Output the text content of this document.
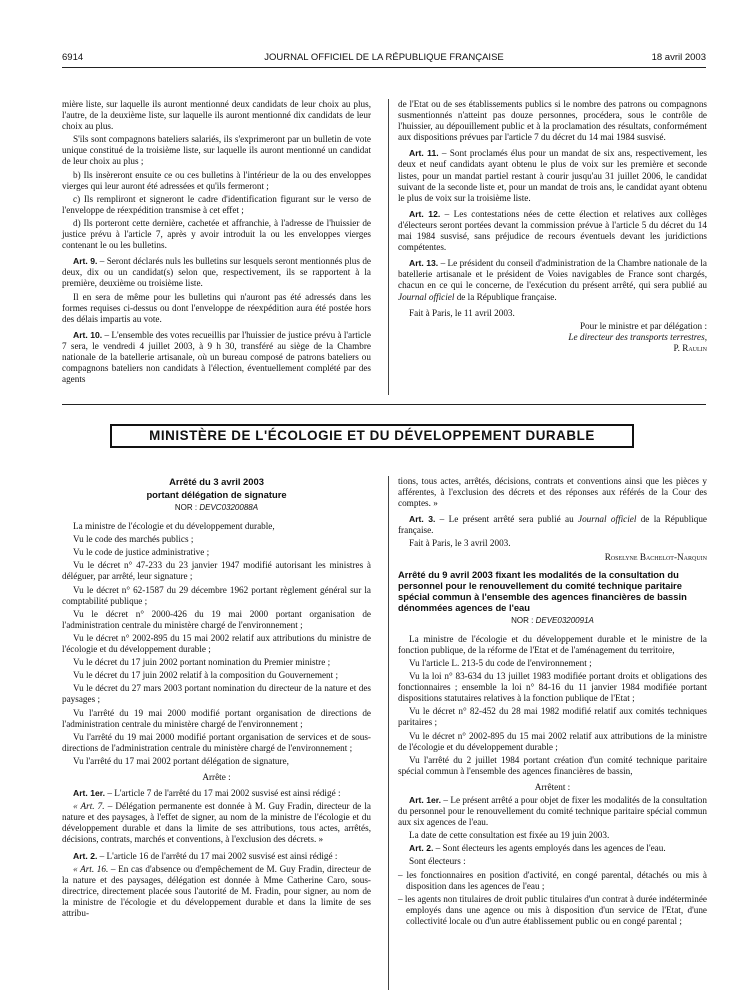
6914	JOURNAL OFFICIEL DE LA RÉPUBLIQUE FRANÇAISE	18 avril 2003

mière liste, sur laquelle ils auront mentionné deux candidats de leur choix au plus, l'autre, de la deuxième liste, sur laquelle ils auront mentionné dix candidats de leur choix au plus.

S'ils sont compagnons bateliers salariés, ils s'exprimeront par un bulletin de vote unique constitué de la troisième liste, sur laquelle ils auront mentionné un candidat de leur choix au plus ;

b) Ils insèreront ensuite ce ou ces bulletins à l'intérieur de la ou des enveloppes vierges qui leur auront été adressées et qu'ils fermeront ;

c) Ils rempliront et signeront le cadre d'identification figurant sur le verso de l'enveloppe de réexpédition transmise à cet effet ;

d) Ils porteront cette dernière, cachetée et affranchie, à l'adresse de l'huissier de justice prévu à l'article 7, après y avoir introduit la ou les enveloppes vierges contenant le ou les bulletins.

Art. 9. – Seront déclarés nuls les bulletins sur lesquels seront mentionnés plus de deux, dix ou un candidat(s) selon que, respectivement, ils se rapportent à la première, deuxième ou troisième liste.

Il en sera de même pour les bulletins qui n'auront pas été adressés dans les formes requises ci-dessus ou dont l'enveloppe de réexpédition aura été postée hors des délais impartis au vote.

Art. 10. – L'ensemble des votes recueillis par l'huissier de justice prévu à l'article 7 sera, le vendredi 4 juillet 2003, à 9 h 30, transféré au siège de la Chambre nationale de la batellerie artisanale, où un bureau composé de patrons bateliers ou compagnons bateliers non candidats à l'élection, éventuellement complété par des agents

de l'Etat ou de ses établissements publics si le nombre des patrons ou compagnons susmentionnés n'atteint pas douze personnes, procédera, sous le contrôle de l'huissier, au dépouillement public et à la proclamation des résultats, conformément aux dispositions prévues par l'article 7 du décret du 14 mai 1984 susvisé.

Art. 11. – Sont proclamés élus pour un mandat de six ans, respectivement, les deux et neuf candidats ayant obtenu le plus de voix sur les première et seconde listes, pour un mandat partiel restant à courir jusqu'au 31 juillet 2006, le candidat suivant de la seconde liste et, pour un mandat de trois ans, le candidat ayant obtenu le plus de voix sur la troisième liste.

Art. 12. – Les contestations nées de cette élection et relatives aux collèges d'électeurs seront portées devant la commission prévue à l'article 5 du décret du 14 mai 1984 susvisé, sans préjudice de recours éventuels devant les juridictions compétentes.

Art. 13. – Le président du conseil d'administration de la Chambre nationale de la batellerie artisanale et le président de Voies navigables de France sont chargés, chacun en ce qui le concerne, de l'exécution du présent arrêté, qui sera publié au Journal officiel de la République française.

Fait à Paris, le 11 avril 2003.

Pour le ministre et par délégation :

Le directeur des transports terrestres,

P. Raulin

MINISTÈRE DE L'ÉCOLOGIE ET DU DÉVELOPPEMENT DURABLE
Arrêté du 3 avril 2003
portant délégation de signature
NOR : DEVC0320088A

La ministre de l'écologie et du développement durable,

Vu le code des marchés publics ;

Vu le code de justice administrative ;

Vu le décret n° 47-233 du 23 janvier 1947 modifié autorisant les ministres à déléguer, par arrêté, leur signature ;

Vu le décret n° 62-1587 du 29 décembre 1962 portant règlement général sur la comptabilité publique ;

Vu le décret n° 2000-426 du 19 mai 2000 portant organisation de l'administration centrale du ministère chargé de l'environnement ;

Vu le décret n° 2002-895 du 15 mai 2002 relatif aux attributions du ministre de l'écologie et du développement durable ;

Vu le décret du 17 juin 2002 portant nomination du Premier ministre ;

Vu le décret du 17 juin 2002 relatif à la composition du Gouvernement ;

Vu le décret du 27 mars 2003 portant nomination du directeur de la nature et des paysages ;

Vu l'arrêté du 19 mai 2000 modifié portant organisation de directions de l'administration centrale du ministère chargé de l'environnement ;

Vu l'arrêté du 19 mai 2000 modifié portant organisation de services et de sous-directions de l'administration centrale du ministère chargé de l'environnement ;

Vu l'arrêté du 17 mai 2002 portant délégation de signature,

Arrête :

Art. 1er. – L'article 7 de l'arrêté du 17 mai 2002 susvisé est ainsi rédigé :

« Art. 7. – Délégation permanente est donnée à M. Guy Fradin, directeur de la nature et des paysages, à l'effet de signer, au nom de la ministre de l'écologie et du développement durable et dans la limite de ses attributions, tous actes, arrêtés, décisions, contrats, marchés et conventions, à l'exclusion des décrets. »

Art. 2. – L'article 16 de l'arrêté du 17 mai 2002 susvisé est ainsi rédigé :

« Art. 16. – En cas d'absence ou d'empêchement de M. Guy Fradin, directeur de la nature et des paysages, délégation est donnée à Mme Catherine Caro, sous-directrice, directement placée sous l'autorité de M. Fradin, pour signer, au nom de la ministre de l'écologie et du développement durable et dans la limite de ses attribu-

tions, tous actes, arrêtés, décisions, contrats et conventions ainsi que les pièces y afférentes, à l'exclusion des décrets et des réponses aux référés de la Cour des comptes. »

Art. 3. – Le présent arrêté sera publié au Journal officiel de la République française.

Fait à Paris, le 3 avril 2003.

Roselyne Bachelot-Narquin

Arrêté du 9 avril 2003 fixant les modalités de la consultation du personnel pour le renouvellement du comité technique paritaire spécial commun à l'ensemble des agences financières de bassin dénommées agences de l'eau
NOR : DEVE0320091A

La ministre de l'écologie et du développement durable et le ministre de la fonction publique, de la réforme de l'Etat et de l'aménagement du territoire,

Vu l'article L. 213-5 du code de l'environnement ;

Vu la loi n° 83-634 du 13 juillet 1983 modifiée portant droits et obligations des fonctionnaires ; ensemble la loi n° 84-16 du 11 janvier 1984 modifiée portant dispositions statutaires relatives à la fonction publique de l'Etat ;

Vu le décret n° 82-452 du 28 mai 1982 modifié relatif aux comités techniques paritaires ;

Vu le décret n° 2002-895 du 15 mai 2002 relatif aux attributions de la ministre de l'écologie et du développement durable ;

Vu l'arrêté du 2 juillet 1984 portant création d'un comité technique paritaire spécial commun à l'ensemble des agences financières de bassin,

Arrêtent :

Art. 1er. – Le présent arrêté a pour objet de fixer les modalités de la consultation du personnel pour le renouvellement du comité technique paritaire spécial commun aux six agences de l'eau.

La date de cette consultation est fixée au 19 juin 2003.

Art. 2. – Sont électeurs les agents employés dans les agences de l'eau.

Sont électeurs :

– les fonctionnaires en position d'activité, en congé parental, détachés ou mis à disposition dans les agences de l'eau ;

– les agents non titulaires de droit public titulaires d'un contrat à durée indéterminée employés dans une agence ou mis à disposition d'un service de l'Etat, d'une collectivité locale ou d'un autre établissement public ou en congé parental ;
